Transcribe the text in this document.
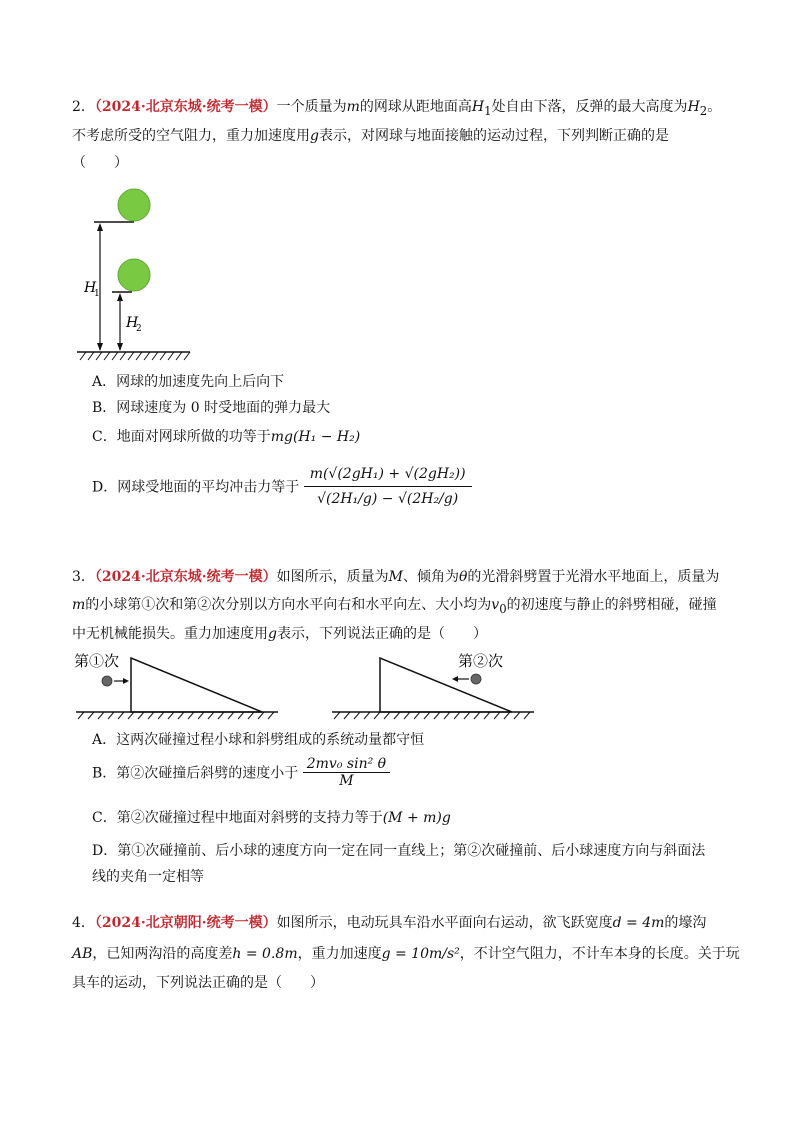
2．（2024·北京东城·统考一模）一个质量为m的网球从距地面高$H_1$处自由下落，反弹的最大高度为$H_2$。
不考虑所受的空气阻力，重力加速度用g表示，对网球与地面接触的运动过程，下列判断正确的是
（　　）
H
1
H
2
A．网球的加速度先向上后向下
B．网球速度为 0 时受地面的弹力最大
C．地面对网球所做的功等于mg(H₁ − H₂)
D．网球受地面的平均冲击力等于 $\frac{\text{m(√(2gH₁) + √(2gH₂))}}{\text{√(2H₁/g) − √(2H₂/g)}}$
3．（2024·北京东城·统考一模）如图所示，质量为M、倾角为θ的光滑斜劈置于光滑水平地面上，质量为
m的小球第①次和第②次分别以方向水平向右和水平向左、大小均为$v_0$的初速度与静止的斜劈相碰，碰撞
中无机械能损失。重力加速度用g表示，下列说法正确的是（　　）
第①次	第②次
A．这两次碰撞过程小球和斜劈组成的系统动量都守恒
B．第②次碰撞后斜劈的速度小于 $\frac{\text{2mv₀ sin² θ}}{M}$
C．第②次碰撞过程中地面对斜劈的支持力等于(M + m)g
D．第①次碰撞前、后小球的速度方向一定在同一直线上；第②次碰撞前、后小球速度方向与斜面法
线的夹角一定相等
4．（2024·北京朝阳·统考一模）如图所示，电动玩具车沿水平面向右运动，欲飞跃宽度d = 4m的壕沟
AB，已知两沟沿的高度差h = 0.8m，重力加速度g = 10m/s²，不计空气阻力，不计车本身的长度。关于玩
具车的运动，下列说法正确的是（　　）
